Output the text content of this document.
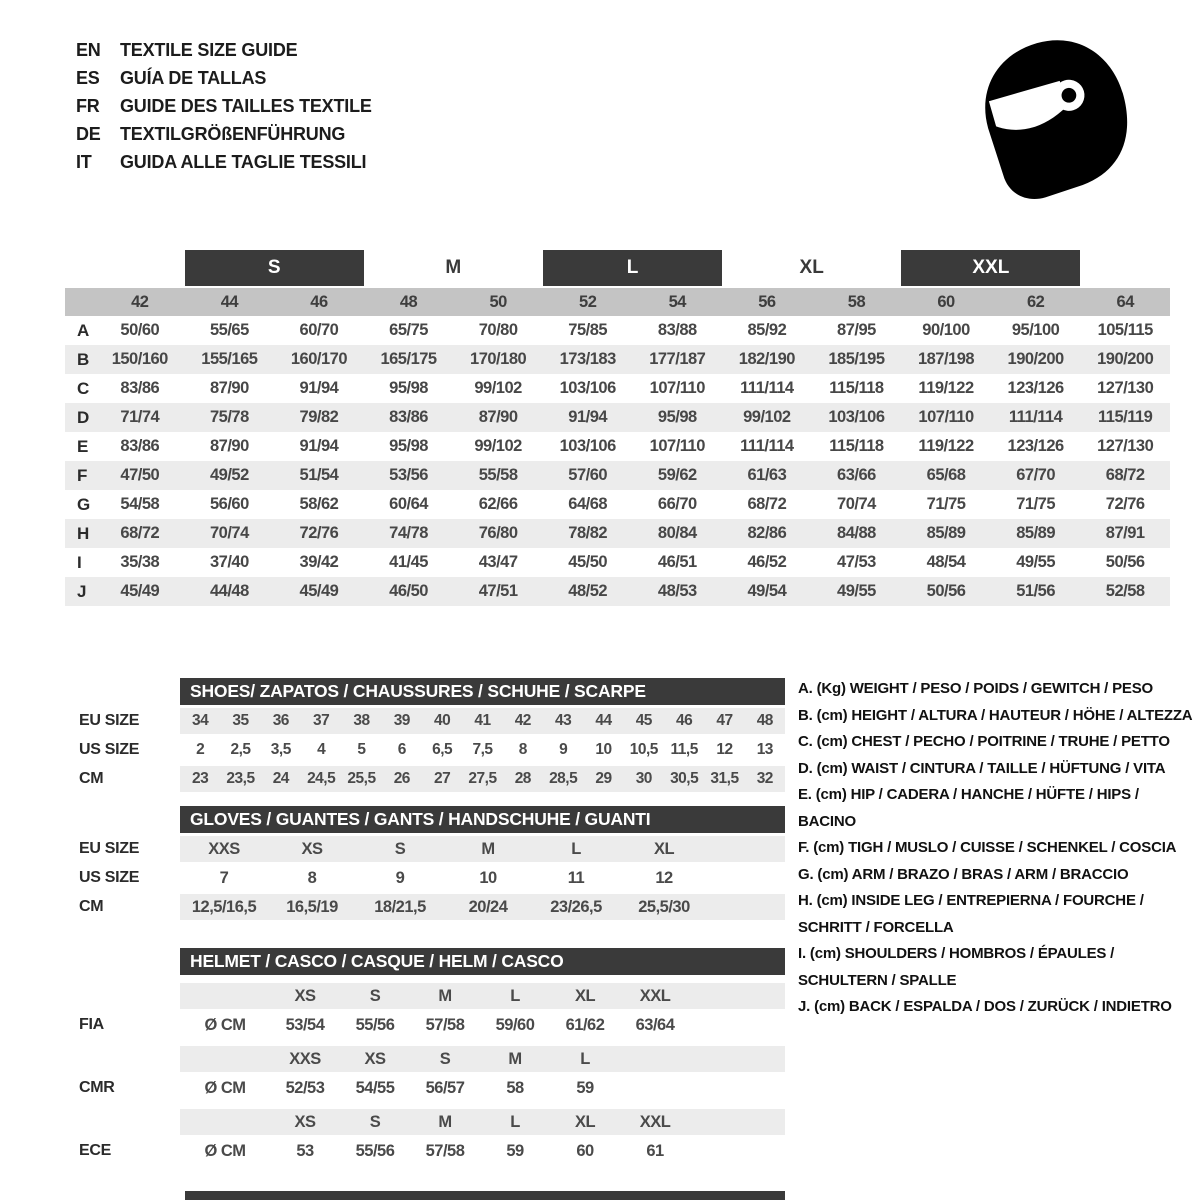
EN	TEXTILE SIZE GUIDE
ES	GUÍA DE TALLAS
FR	GUIDE DES TAILLES TEXTILE
DE	TEXTILGRÖßENFÜHRUNG
IT	GUIDA ALLE TAGLIE TESSILI
S	M	L	XL	XXL
42	44	46	48	50	52	54	56	58	60	62	64
A	50/60	55/65	60/70	65/75	70/80	75/85	83/88	85/92	87/95	90/100	95/100	105/115
B	150/160	155/165	160/170	165/175	170/180	173/183	177/187	182/190	185/195	187/198	190/200	190/200
C	83/86	87/90	91/94	95/98	99/102	103/106	107/110	111/114	115/118	119/122	123/126	127/130
D	71/74	75/78	79/82	83/86	87/90	91/94	95/98	99/102	103/106	107/110	111/114	115/119
E	83/86	87/90	91/94	95/98	99/102	103/106	107/110	111/114	115/118	119/122	123/126	127/130
F	47/50	49/52	51/54	53/56	55/58	57/60	59/62	61/63	63/66	65/68	67/70	68/72
G	54/58	56/60	58/62	60/64	62/66	64/68	66/70	68/72	70/74	71/75	71/75	72/76
H	68/72	70/74	72/76	74/78	76/80	78/82	80/84	82/86	84/88	85/89	85/89	87/91
I	35/38	37/40	39/42	41/45	43/47	45/50	46/51	46/52	47/53	48/54	49/55	50/56
J	45/49	44/48	45/49	46/50	47/51	48/52	48/53	49/54	49/55	50/56	51/56	52/58
SHOES/ ZAPATOS / CHAUSSURES / SCHUHE / SCARPE
EU SIZE	34	35	36	37	38	39	40	41	42	43	44	45	46	47	48
US SIZE	2	2,5	3,5	4	5	6	6,5	7,5	8	9	10	10,5 11,5	12	13
CM	23	23,5	24	24,5 25,5	26	27	27,5	28	28,5	29	30	30,5 31,5	32
GLOVES / GUANTES / GANTS / HANDSCHUHE / GUANTI
EU SIZE	XXS	XS	S	M	L	XL
US SIZE	7	8	9	10	11	12
CM	12,5/16,5	16,5/19	18/21,5	20/24	23/26,5	25,5/30
HELMET / CASCO / CASQUE / HELM / CASCO
XS	S	M	L	XL	XXL
FIA	Ø CM	53/54	55/56	57/58	59/60	61/62	63/64
XXS	XS	S	M	L
CMR	Ø CM	52/53	54/55	56/57	58	59
XS	S	M	L	XL	XXL
ECE	Ø CM	53	55/56	57/58	59	60	61
A. (Kg) WEIGHT / PESO / POIDS / GEWITCH / PESO
B. (cm) HEIGHT / ALTURA / HAUTEUR / HÖHE / ALTEZZA
C. (cm) CHEST / PECHO / POITRINE / TRUHE / PETTO
D. (cm) WAIST / CINTURA / TAILLE / HÜFTUNG / VITA
E. (cm) HIP / CADERA / HANCHE / HÜFTE / HIPS / BACINO
F. (cm) TIGH / MUSLO / CUISSE / SCHENKEL / COSCIA
G. (cm) ARM / BRAZO / BRAS / ARM / BRACCIO
H. (cm) INSIDE LEG / ENTREPIERNA / FOURCHE / SCHRITT / FORCELLA
I. (cm) SHOULDERS / HOMBROS / ÉPAULES / SCHULTERN / SPALLE
J. (cm) BACK / ESPALDA / DOS / ZURÜCK / INDIETRO
